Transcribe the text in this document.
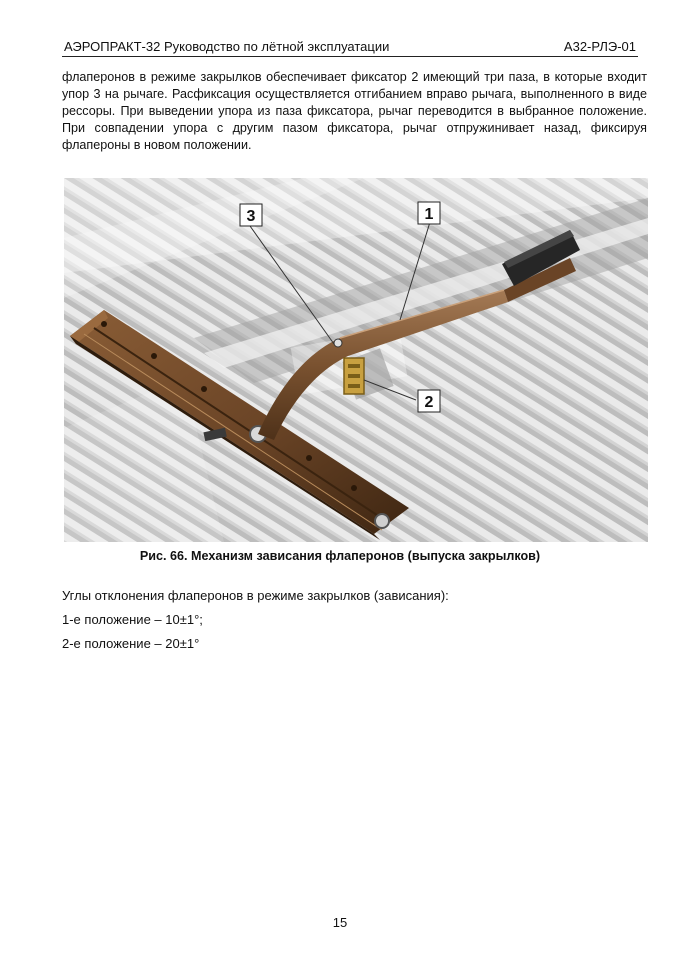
АЭРОПРАКТ-32 Руководство по лётной эксплуатации	А32-РЛЭ-01
флаперонов в режиме закрылков обеспечивает фиксатор 2 имеющий три паза, в которые входит упор 3 на рычаге. Расфиксация осуществляется отгибанием вправо рычага, выполненного в виде рессоры. При выведении упора из паза фиксатора, рычаг переводится в выбранное положение. При совпадении упора с другим пазом фиксатора, рычаг отпружинивает назад, фиксируя флапероны в новом положении.
1
2
3
Рис. 66. Механизм зависания флаперонов (выпуска закрылков)
Углы отклонения флаперонов в режиме закрылков (зависания):
1-е положение – 10±1°;
2-е положение – 20±1°
15
